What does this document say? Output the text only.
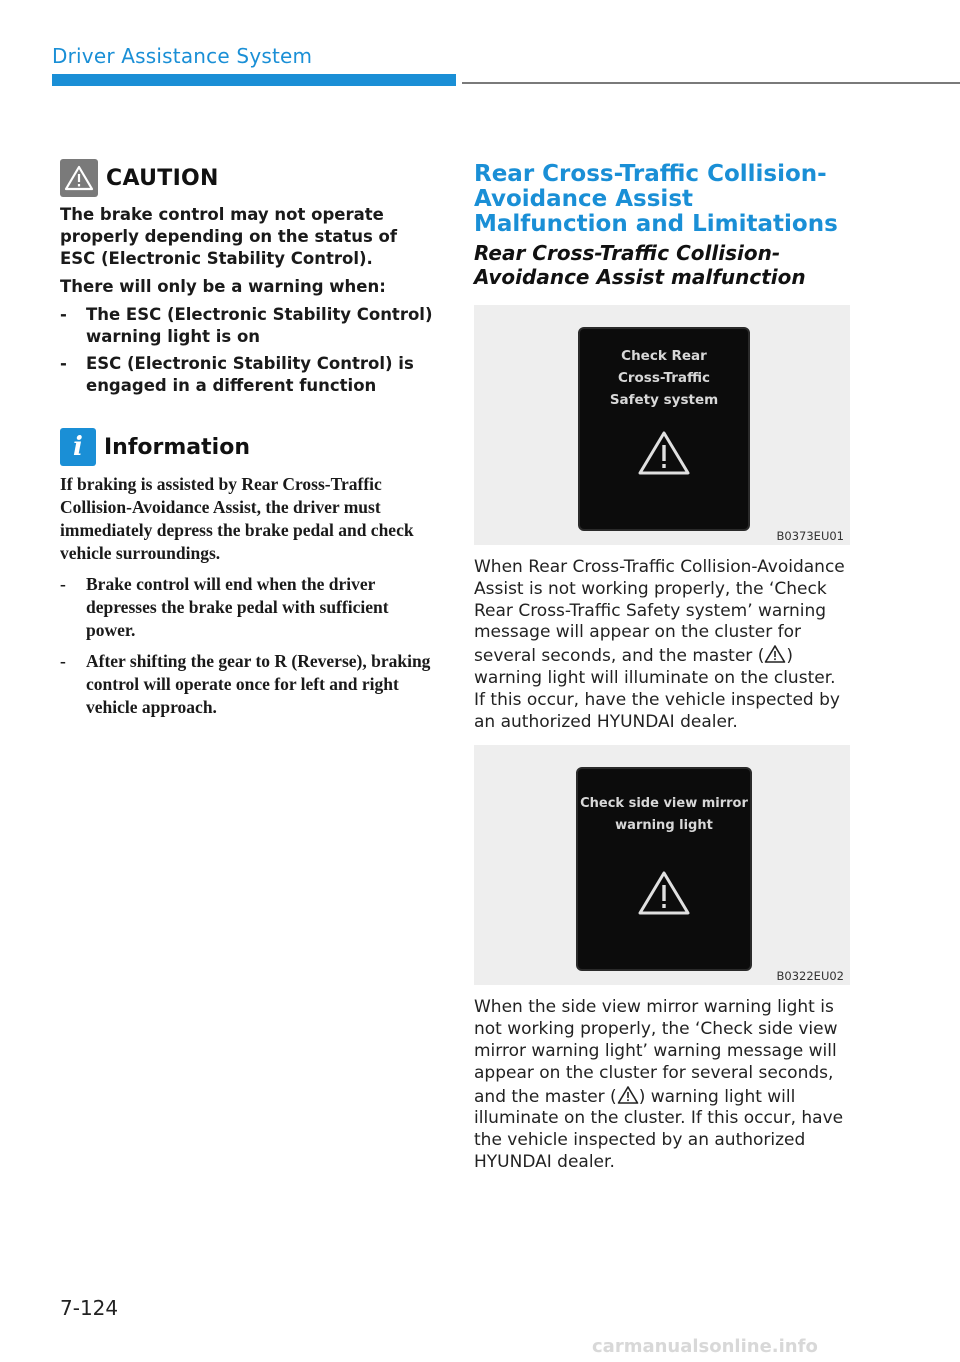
Driver Assistance System
CAUTION

The brake control may not operate properly depending on the status of ESC (Electronic Stability Control).

There will only be a warning when:

- The ESC (Electronic Stability Control) warning light is on
- ESC (Electronic Stability Control) is engaged in a different function
i Information

If braking is assisted by Rear Cross-Traffic Collision-Avoidance Assist, the driver must immediately depress the brake pedal and check vehicle surroundings.

- Brake control will end when the driver depresses the brake pedal with sufficient power.
- After shifting the gear to R (Reverse), braking control will operate once for left and right vehicle approach.
Rear Cross-Traffic Collision-Avoidance Assist Malfunction and Limitations
Rear Cross-Traffic Collision-Avoidance Assist malfunction
Check Rear
Cross-Traffic
Safety system
B0373EU01

When Rear Cross-Traffic Collision-Avoidance Assist is not working properly, the ‘Check Rear Cross-Traffic Safety system’ warning message will appear on the cluster for several seconds, and the master ( ) warning light will illuminate on the cluster. If this occur, have the vehicle inspected by an authorized HYUNDAI dealer.

Check side view mirror
warning light
B0322EU02

When the side view mirror warning light is not working properly, the ‘Check side view mirror warning light’ warning message will appear on the cluster for several seconds, and the master ( ) warning light will illuminate on the cluster. If this occur, have the vehicle inspected by an authorized HYUNDAI dealer.

7-124
carmanualsonline.info
